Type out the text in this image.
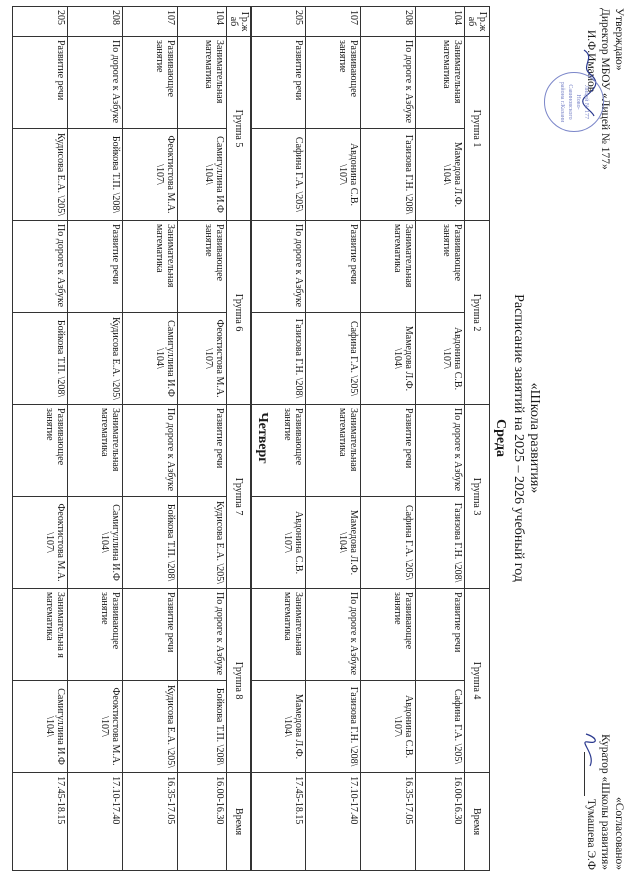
Утверждаю»
Директор МБОУ «Лицей № 177»
И.Ф.Имамов
Лицей № 177 Ново-Савиновского района г.Казани
«Согласовано»
Куратор «Школы развития»
Тумашева Э.Ф
«Школа развития»
Расписание занятий на 2025 – 2026 учебный год
Среда
Гр.ж аб	Группа 1		Группа 2		Группа 3		Группа 4		Время
104	Занимательная математика	Мамедова Л.Ф. \104\	Развивающее занятие	Авдонина С.В. \107\	По дороге к Азбуке	Газизова Г.Н. \208\	Развитие речи	Сафина Г.А. \205\	16.00-16.30
208	По дороге к Азбуке	Газизова Г.Н. \208\	Занимательная математика	Мамедова Л.Ф. \104\	Развитие речи	Сафина Г.А. \205\	Развивающее занятие	Авдонина С.В. \107\	16.35-17.05
107	Развивающее занятие	Авдонина С.В. \107\	Развитие речи	Сафина Г.А. \205\	Занимательная математика	Мамедова Л.Ф. \104\	По дороге к Азбуке	Газизова Г.Н. \208\	17.10-17.40
205	Развитие речи	Сафина Г.А. \205\	По дороге к Азбуке	Газизова Г.Н. \208\	Развивающее занятие	Авдонина С.В. \107\	Занимательная математика	Мамедова Л.Ф. \104\	17.45-18.15
Четверг
Гр.ж аб	Группа 5		Группа 6		Группа 7		Группа 8		Время
104	Занимательная математика	Самигуллина И.Ф \104\	Развивающее занятие	Феоктистова М.А. \107\	Развитие речи	Кудисова Е.А. \205\	По дороге к Азбуке	Бойкова Т.П. \208\	16.00-16.30
107	Развивающее занятие	Феоктистова М.А. \107\	Занимательная математика	Самигуллина И.Ф \104\	По дороге к Азбуке	Бойкова Т.П. \208\	Развитие речи	Кудисова Е.А. \205\	16.35-17.05
208	По дороге к Азбуке	Бойкова Т.П. \208\	Развитие речи	Кудисова Е.А. \205\	Занимательная математика	Самигуллина И.Ф \104\	Развивающее занятие	Феоктистова М.А. \107\	17.10-17.40
205	Развитие речи	Кудисова Е.А. \205\	По дороге к Азбуке	Бойкова Т.П. \208\	Развивающее занятие	Феоктистова М.А. \107\	Занимательна я математика	Самигуллина И.Ф \104\	17.45-18.15
